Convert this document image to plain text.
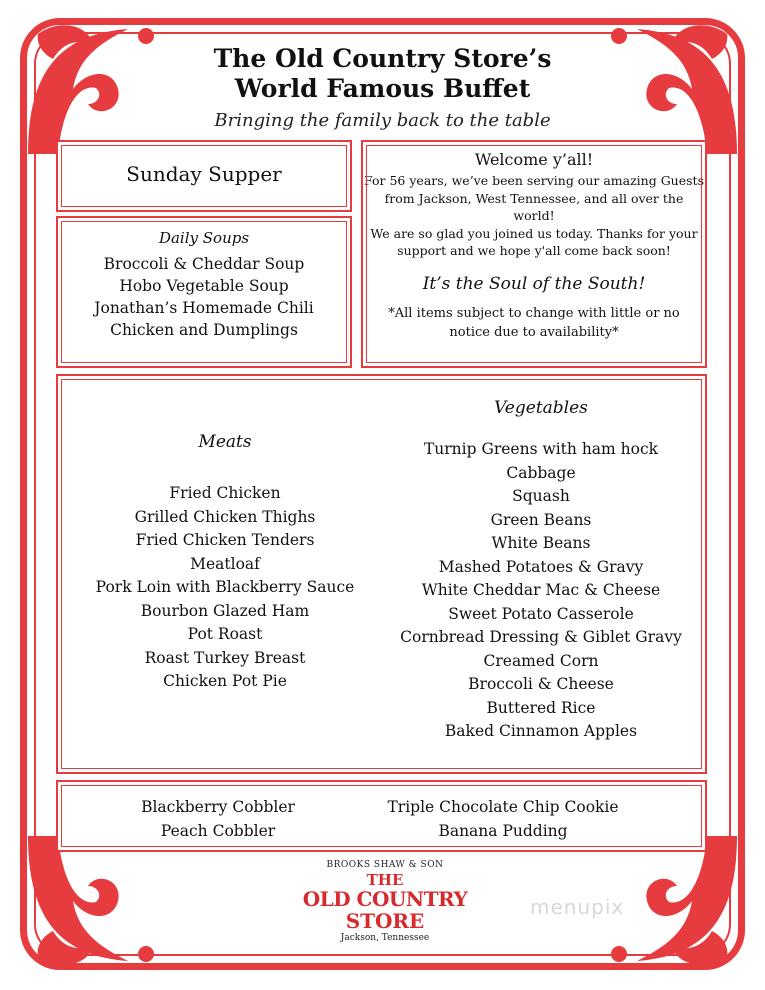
The Old Country Store’s
World Famous Buffet
Bringing the family back to the table
Sunday Supper
Daily Soups
Broccoli & Cheddar Soup
Hobo Vegetable Soup
Jonathan’s Homemade Chili
Chicken and Dumplings
Welcome y’all!
For 56 years, we’ve been serving our amazing Guests
from Jackson, West Tennessee, and all over the
world!
We are so glad you joined us today. Thanks for your
support and we hope y'all come back soon!
It’s the Soul of the South!
*All items subject to change with little or no
notice due to availability*
Meats
Fried Chicken
Grilled Chicken Thighs
Fried Chicken Tenders
Meatloaf
Pork Loin with Blackberry Sauce
Bourbon Glazed Ham
Pot Roast
Roast Turkey Breast
Chicken Pot Pie
Vegetables
Turnip Greens with ham hock
Cabbage
Squash
Green Beans
White Beans
Mashed Potatoes & Gravy
White Cheddar Mac & Cheese
Sweet Potato Casserole
Cornbread Dressing & Giblet Gravy
Creamed Corn
Broccoli & Cheese
Buttered Rice
Baked Cinnamon Apples
Blackberry Cobbler
Peach Cobbler
Triple Chocolate Chip Cookie
Banana Pudding
BROOKS SHAW & SON
THE
OLD COUNTRY
STORE
Jackson, Tennessee
menupix
